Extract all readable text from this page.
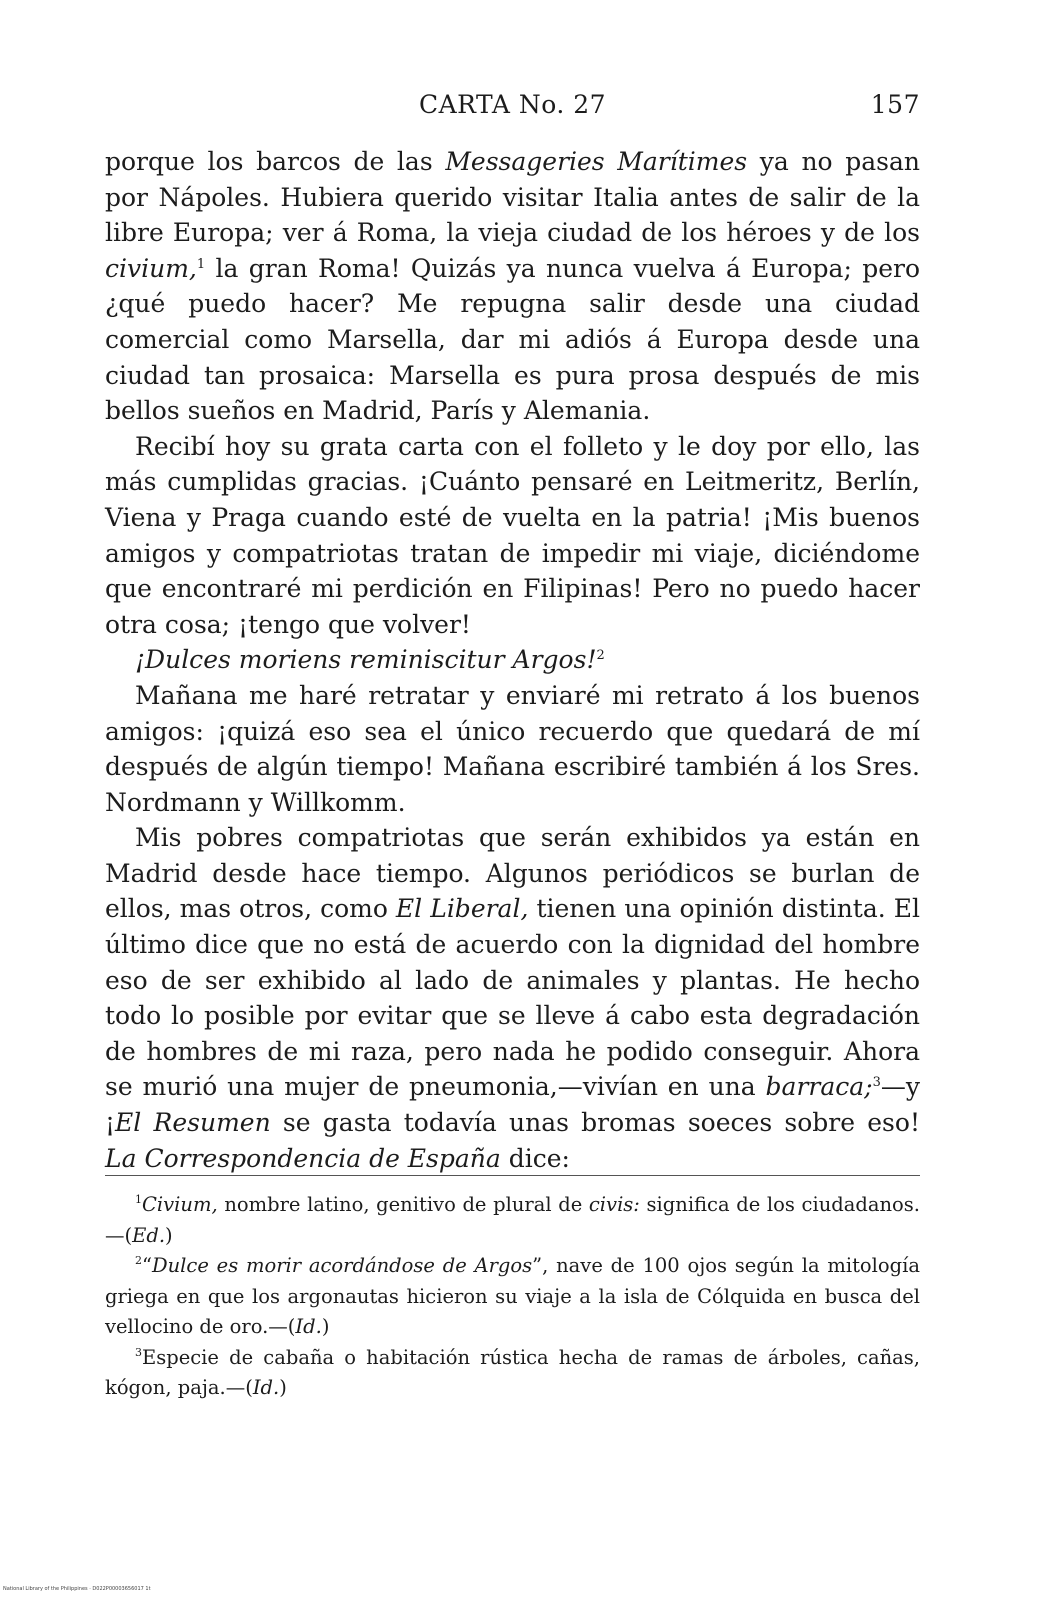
CARTA No. 27	157

porque los barcos de las Messageries Marítimes ya no pasan por Nápoles. Hubiera querido visitar Italia antes de salir de la libre Europa; ver á Roma, la vieja ciudad de los héroes y de los civium,$^1$ la gran Roma! Quizás ya nunca vuelva á Europa; pero ¿qué puedo hacer? Me repugna salir desde una ciudad comercial como Marsella, dar mi adiós á Europa desde una ciudad tan prosaica: Marsella es pura prosa después de mis bellos sueños en Madrid, París y Alemania.

Recibí hoy su grata carta con el folleto y le doy por ello, las más cumplidas gracias. ¡Cuánto pensaré en Leitmeritz, Berlín, Viena y Praga cuando esté de vuelta en la patria! ¡Mis buenos amigos y compatriotas tratan de impedir mi viaje, diciéndome que encontraré mi perdición en Filipinas! Pero no puedo hacer otra cosa; ¡tengo que volver!

¡Dulces moriens reminiscitur Argos!$^2$

Mañana me haré retratar y enviaré mi retrato á los buenos amigos: ¡quizá eso sea el único recuerdo que quedará de mí después de algún tiempo! Mañana escribiré también á los Sres. Nordmann y Willkomm.

Mis pobres compatriotas que serán exhibidos ya están en Madrid desde hace tiempo. Algunos periódicos se burlan de ellos, mas otros, como El Liberal, tienen una opinión distinta. El último dice que no está de acuerdo con la dignidad del hombre eso de ser exhibido al lado de animales y plantas. He hecho todo lo posible por evitar que se lleve á cabo esta degradación de hombres de mi raza, pero nada he podido conseguir. Ahora se murió una mujer de pneumonia,—vivían en una barraca;$^3$—y ¡El Resumen se gasta todavía unas bromas soeces sobre eso! La Correspondencia de España dice:

$^1$Civium, nombre latino, genitivo de plural de civis: significa de los ciudadanos.—(Ed.)

$^2$“Dulce es morir acordándose de Argos”, nave de 100 ojos según la mitología griega en que los argonautas hicieron su viaje a la isla de Cólquida en busca del vellocino de oro.—(Id.)

$^3$Especie de cabaña o habitación rústica hecha de ramas de árboles, cañas, kógon, paja.—(Id.)

National Library of the Philippines · D022P00003656017 1t
